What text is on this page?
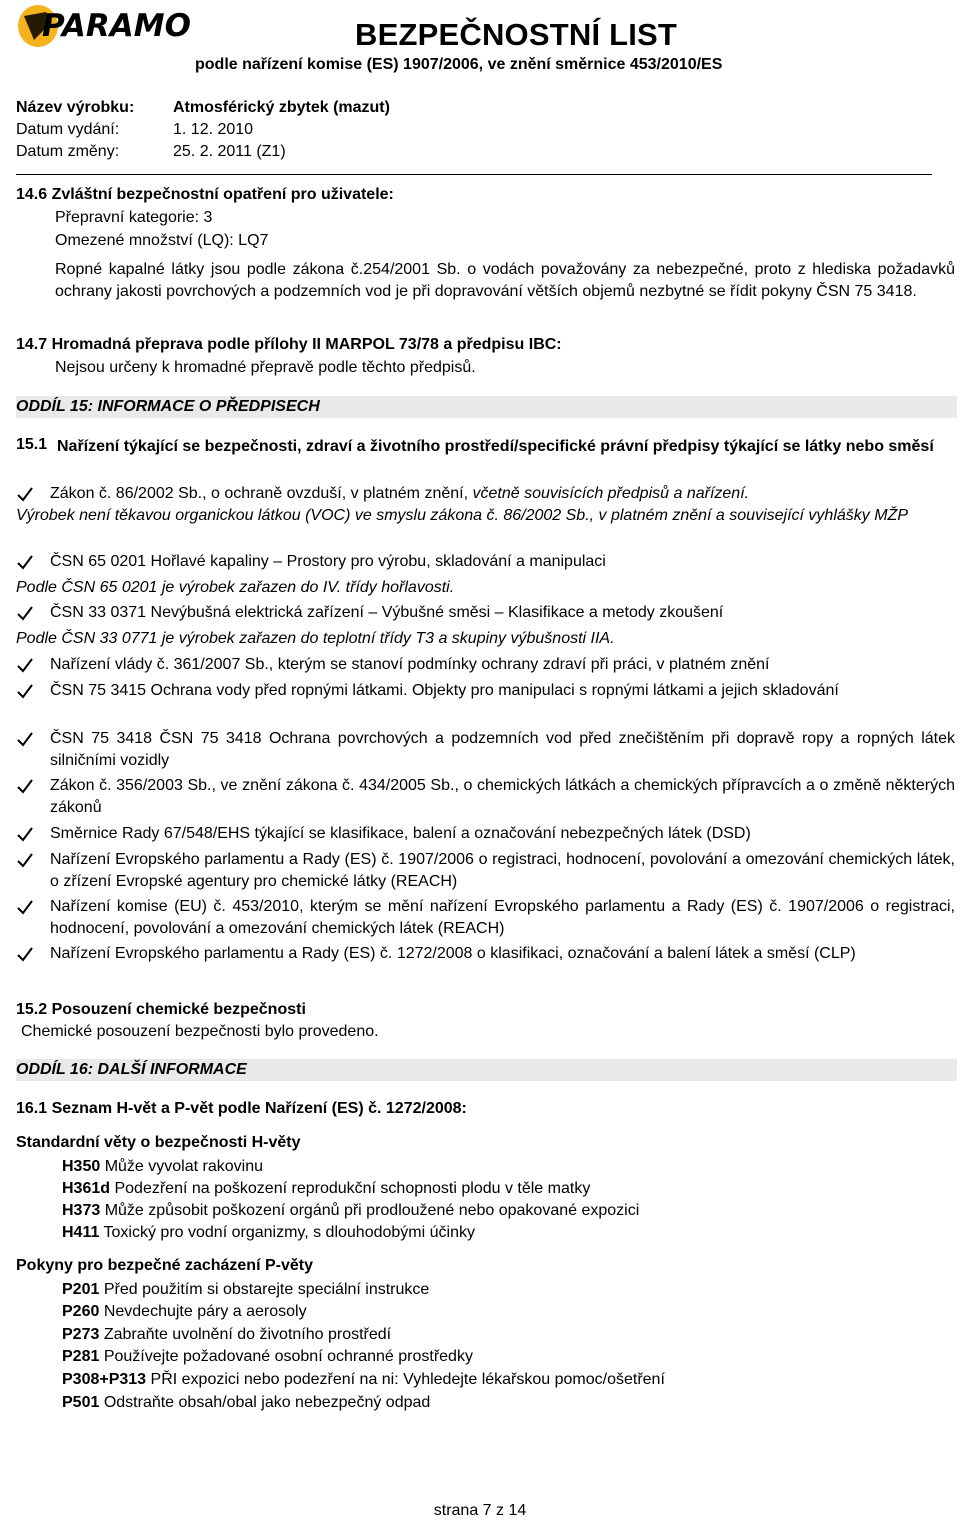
PARAMO	BEZPEČNOSTNÍ LIST
podle nařízení komise (ES) 1907/2006, ve znění směrnice 453/2010/ES
Název výrobku: Atmosférický zbytek (mazut)
Datum vydání:	1. 12. 2010
Datum změny:	25. 2. 2011 (Z1)
14.6 Zvláštní bezpečnostní opatření pro uživatele:
Přepravní kategorie: 3
Omezené množství (LQ): LQ7
Ropné kapalné látky jsou podle zákona č.254/2001 Sb. o vodách považovány za nebezpečné, proto z hlediska požadavků ochrany jakosti povrchových a podzemních vod je při dopravování větších objemů nezbytné se řídit pokyny ČSN 75 3418.
14.7 Hromadná přeprava podle přílohy II MARPOL 73/78 a předpisu IBC:
Nejsou určeny k hromadné přepravě podle těchto předpisů.
ODDÍL 15: INFORMACE O PŘEDPISECH
15.1 Nařízení týkající se bezpečnosti, zdraví a životního prostředí/specifické právní předpisy týkající se látky nebo směsí
Zákon č. 86/2002 Sb., o ochraně ovzduší, v platném znění, včetně souvisících předpisů a nařízení.
Výrobek není těkavou organickou látkou (VOC) ve smyslu zákona č. 86/2002 Sb., v platném znění a související vyhlášky MŽP
ČSN 65 0201 Hořlavé kapaliny – Prostory pro výrobu, skladování a manipulaci
Podle ČSN 65 0201 je výrobek zařazen do IV. třídy hořlavosti.
ČSN 33 0371 Nevýbušná elektrická zařízení – Výbušné směsi – Klasifikace a metody zkoušení
Podle ČSN 33 0771 je výrobek zařazen do teplotní třídy T3 a skupiny výbušnosti IIA.
Nařízení vlády č. 361/2007 Sb., kterým se stanoví podmínky ochrany zdraví při práci, v platném znění
ČSN 75 3415 Ochrana vody před ropnými látkami. Objekty pro manipulaci s ropnými látkami a jejich skladování
ČSN 75 3418 ČSN 75 3418 Ochrana povrchových a podzemních vod před znečištěním při dopravě ropy a ropných látek silničními vozidly
Zákon č. 356/2003 Sb., ve znění zákona č. 434/2005 Sb., o chemických látkách a chemických přípravcích a o změně některých zákonů
Směrnice Rady 67/548/EHS týkající se klasifikace, balení a označování nebezpečných látek (DSD)
Nařízení Evropského parlamentu a Rady (ES) č. 1907/2006 o registraci, hodnocení, povolování a omezování chemických látek, o zřízení Evropské agentury pro chemické látky (REACH)
Nařízení komise (EU) č. 453/2010, kterým se mění nařízení Evropského parlamentu a Rady (ES) č. 1907/2006 o registraci, hodnocení, povolování a omezování chemických látek (REACH)
Nařízení Evropského parlamentu a Rady (ES) č. 1272/2008 o klasifikaci, označování a balení látek a směsí (CLP)
15.2 Posouzení chemické bezpečnosti
Chemické posouzení bezpečnosti bylo provedeno.
ODDÍL 16: DALŠÍ INFORMACE
16.1 Seznam H-vět a P-vět podle Nařízení (ES) č. 1272/2008:
Standardní věty o bezpečnosti H-věty
H350 Může vyvolat rakovinu
H361d Podezření na poškození reprodukční schopnosti plodu v těle matky
H373 Může způsobit poškození orgánů při prodloužené nebo opakované expozici
H411 Toxický pro vodní organizmy, s dlouhodobými účinky
Pokyny pro bezpečné zacházení P-věty
P201 Před použitím si obstarejte speciální instrukce
P260 Nevdechujte páry a aerosoly
P273 Zabraňte uvolnění do životního prostředí
P281 Používejte požadované osobní ochranné prostředky
P308+P313 PŘI expozici nebo podezření na ni: Vyhledejte lékařskou pomoc/ošetření
P501 Odstraňte obsah/obal jako nebezpečný odpad
strana 7 z 14
